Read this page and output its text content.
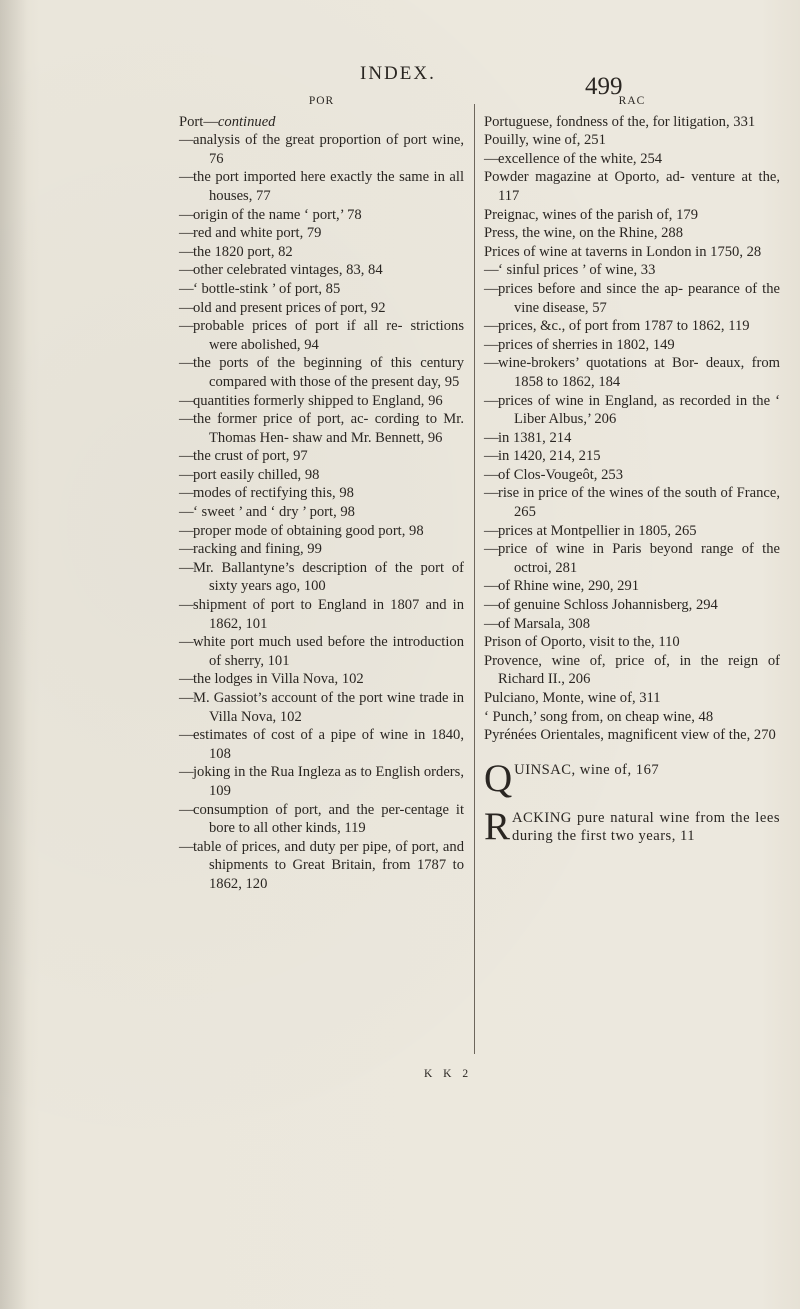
INDEX.	499
POR

Port—continued

—analysis of the great proportion of port wine, 76

—the port imported here exactly the same in all houses, 77

—origin of the name ‘ port,’ 78

—red and white port, 79

—the 1820 port, 82

—other celebrated vintages, 83, 84

—‘ bottle-stink ’ of port, 85

—old and present prices of port, 92

—probable prices of port if all re- strictions were abolished, 94

—the ports of the beginning of this century compared with those of the present day, 95

—quantities formerly shipped to England, 96

—the former price of port, ac- cording to Mr. Thomas Hen- shaw and Mr. Bennett, 96

—the crust of port, 97

—port easily chilled, 98

—modes of rectifying this, 98

—‘ sweet ’ and ‘ dry ’ port, 98

—proper mode of obtaining good port, 98

—racking and fining, 99

—Mr. Ballantyne’s description of the port of sixty years ago, 100

—shipment of port to England in 1807 and in 1862, 101

—white port much used before the introduction of sherry, 101

—the lodges in Villa Nova, 102

—M. Gassiot’s account of the port wine trade in Villa Nova, 102

—estimates of cost of a pipe of wine in 1840, 108

—joking in the Rua Ingleza as to English orders, 109

—consumption of port, and the per-centage it bore to all other kinds, 119

—table of prices, and duty per pipe, of port, and shipments to Great Britain, from 1787 to 1862, 120

RAC

Portuguese, fondness of the, for litigation, 331

Pouilly, wine of, 251

—excellence of the white, 254

Powder magazine at Oporto, ad- venture at the, 117

Preignac, wines of the parish of, 179

Press, the wine, on the Rhine, 288

Prices of wine at taverns in London in 1750, 28

—‘ sinful prices ’ of wine, 33

—prices before and since the ap- pearance of the vine disease, 57

—prices, &c., of port from 1787 to 1862, 119

—prices of sherries in 1802, 149

—wine-brokers’ quotations at Bor- deaux, from 1858 to 1862, 184

—prices of wine in England, as recorded in the ‘ Liber Albus,’ 206

—in 1381, 214

—in 1420, 214, 215

—of Clos-Vougeôt, 253

—rise in price of the wines of the south of France, 265

—prices at Montpellier in 1805, 265

—price of wine in Paris beyond range of the octroi, 281

—of Rhine wine, 290, 291

—of genuine Schloss Johannisberg, 294

—of Marsala, 308

Prison of Oporto, visit to the, 110

Provence, wine of, price of, in the reign of Richard II., 206

Pulciano, Monte, wine of, 311

‘ Punch,’ song from, on cheap wine, 48

Pyrénées Orientales, magnificent view of the, 270

QUINSAC, wine of, 167

RACKING pure natural wine from the lees during the first two years, 11

K K 2
